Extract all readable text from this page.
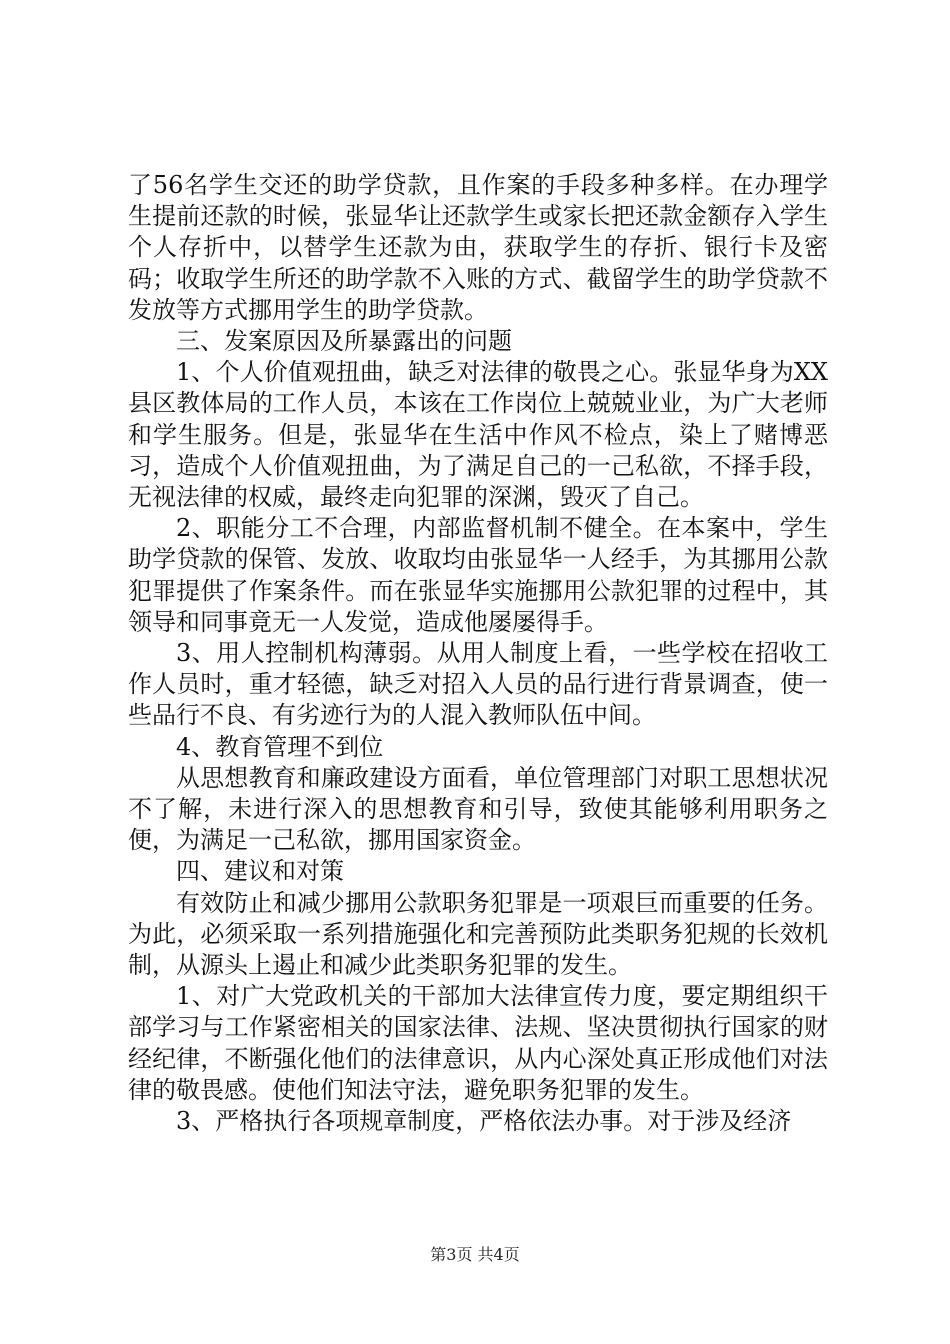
了56名学生交还的助学贷款，且作案的手段多种多样。在办理学生提前还款的时候，张显华让还款学生或家长把还款金额存入学生个人存折中，以替学生还款为由，获取学生的存折、银行卡及密码；收取学生所还的助学款不入账的方式、截留学生的助学贷款不发放等方式挪用学生的助学贷款。

三、发案原因及所暴露出的问题

1、个人价值观扭曲，缺乏对法律的敬畏之心。张显华身为XX县区教体局的工作人员，本该在工作岗位上兢兢业业，为广大老师和学生服务。但是，张显华在生活中作风不检点，染上了赌博恶习，造成个人价值观扭曲，为了满足自己的一己私欲，不择手段，无视法律的权威，最终走向犯罪的深渊，毁灭了自己。

2、职能分工不合理，内部监督机制不健全。在本案中，学生助学贷款的保管、发放、收取均由张显华一人经手，为其挪用公款犯罪提供了作案条件。而在张显华实施挪用公款犯罪的过程中，其领导和同事竟无一人发觉，造成他屡屡得手。

3、用人控制机构薄弱。从用人制度上看，一些学校在招收工作人员时，重才轻德，缺乏对招入人员的品行进行背景调查，使一些品行不良、有劣迹行为的人混入教师队伍中间。

4、教育管理不到位

从思想教育和廉政建设方面看，单位管理部门对职工思想状况不了解，未进行深入的思想教育和引导，致使其能够利用职务之便，为满足一己私欲，挪用国家资金。

四、建议和对策

有效防止和减少挪用公款职务犯罪是一项艰巨而重要的任务。为此，必须采取一系列措施强化和完善预防此类职务犯规的长效机制，从源头上遏止和减少此类职务犯罪的发生。

1、对广大党政机关的干部加大法律宣传力度，要定期组织干部学习与工作紧密相关的国家法律、法规、坚决贯彻执行国家的财经纪律，不断强化他们的法律意识，从内心深处真正形成他们对法律的敬畏感。使他们知法守法，避免职务犯罪的发生。

3、严格执行各项规章制度，严格依法办事。对于涉及经济

第3页 共4页
